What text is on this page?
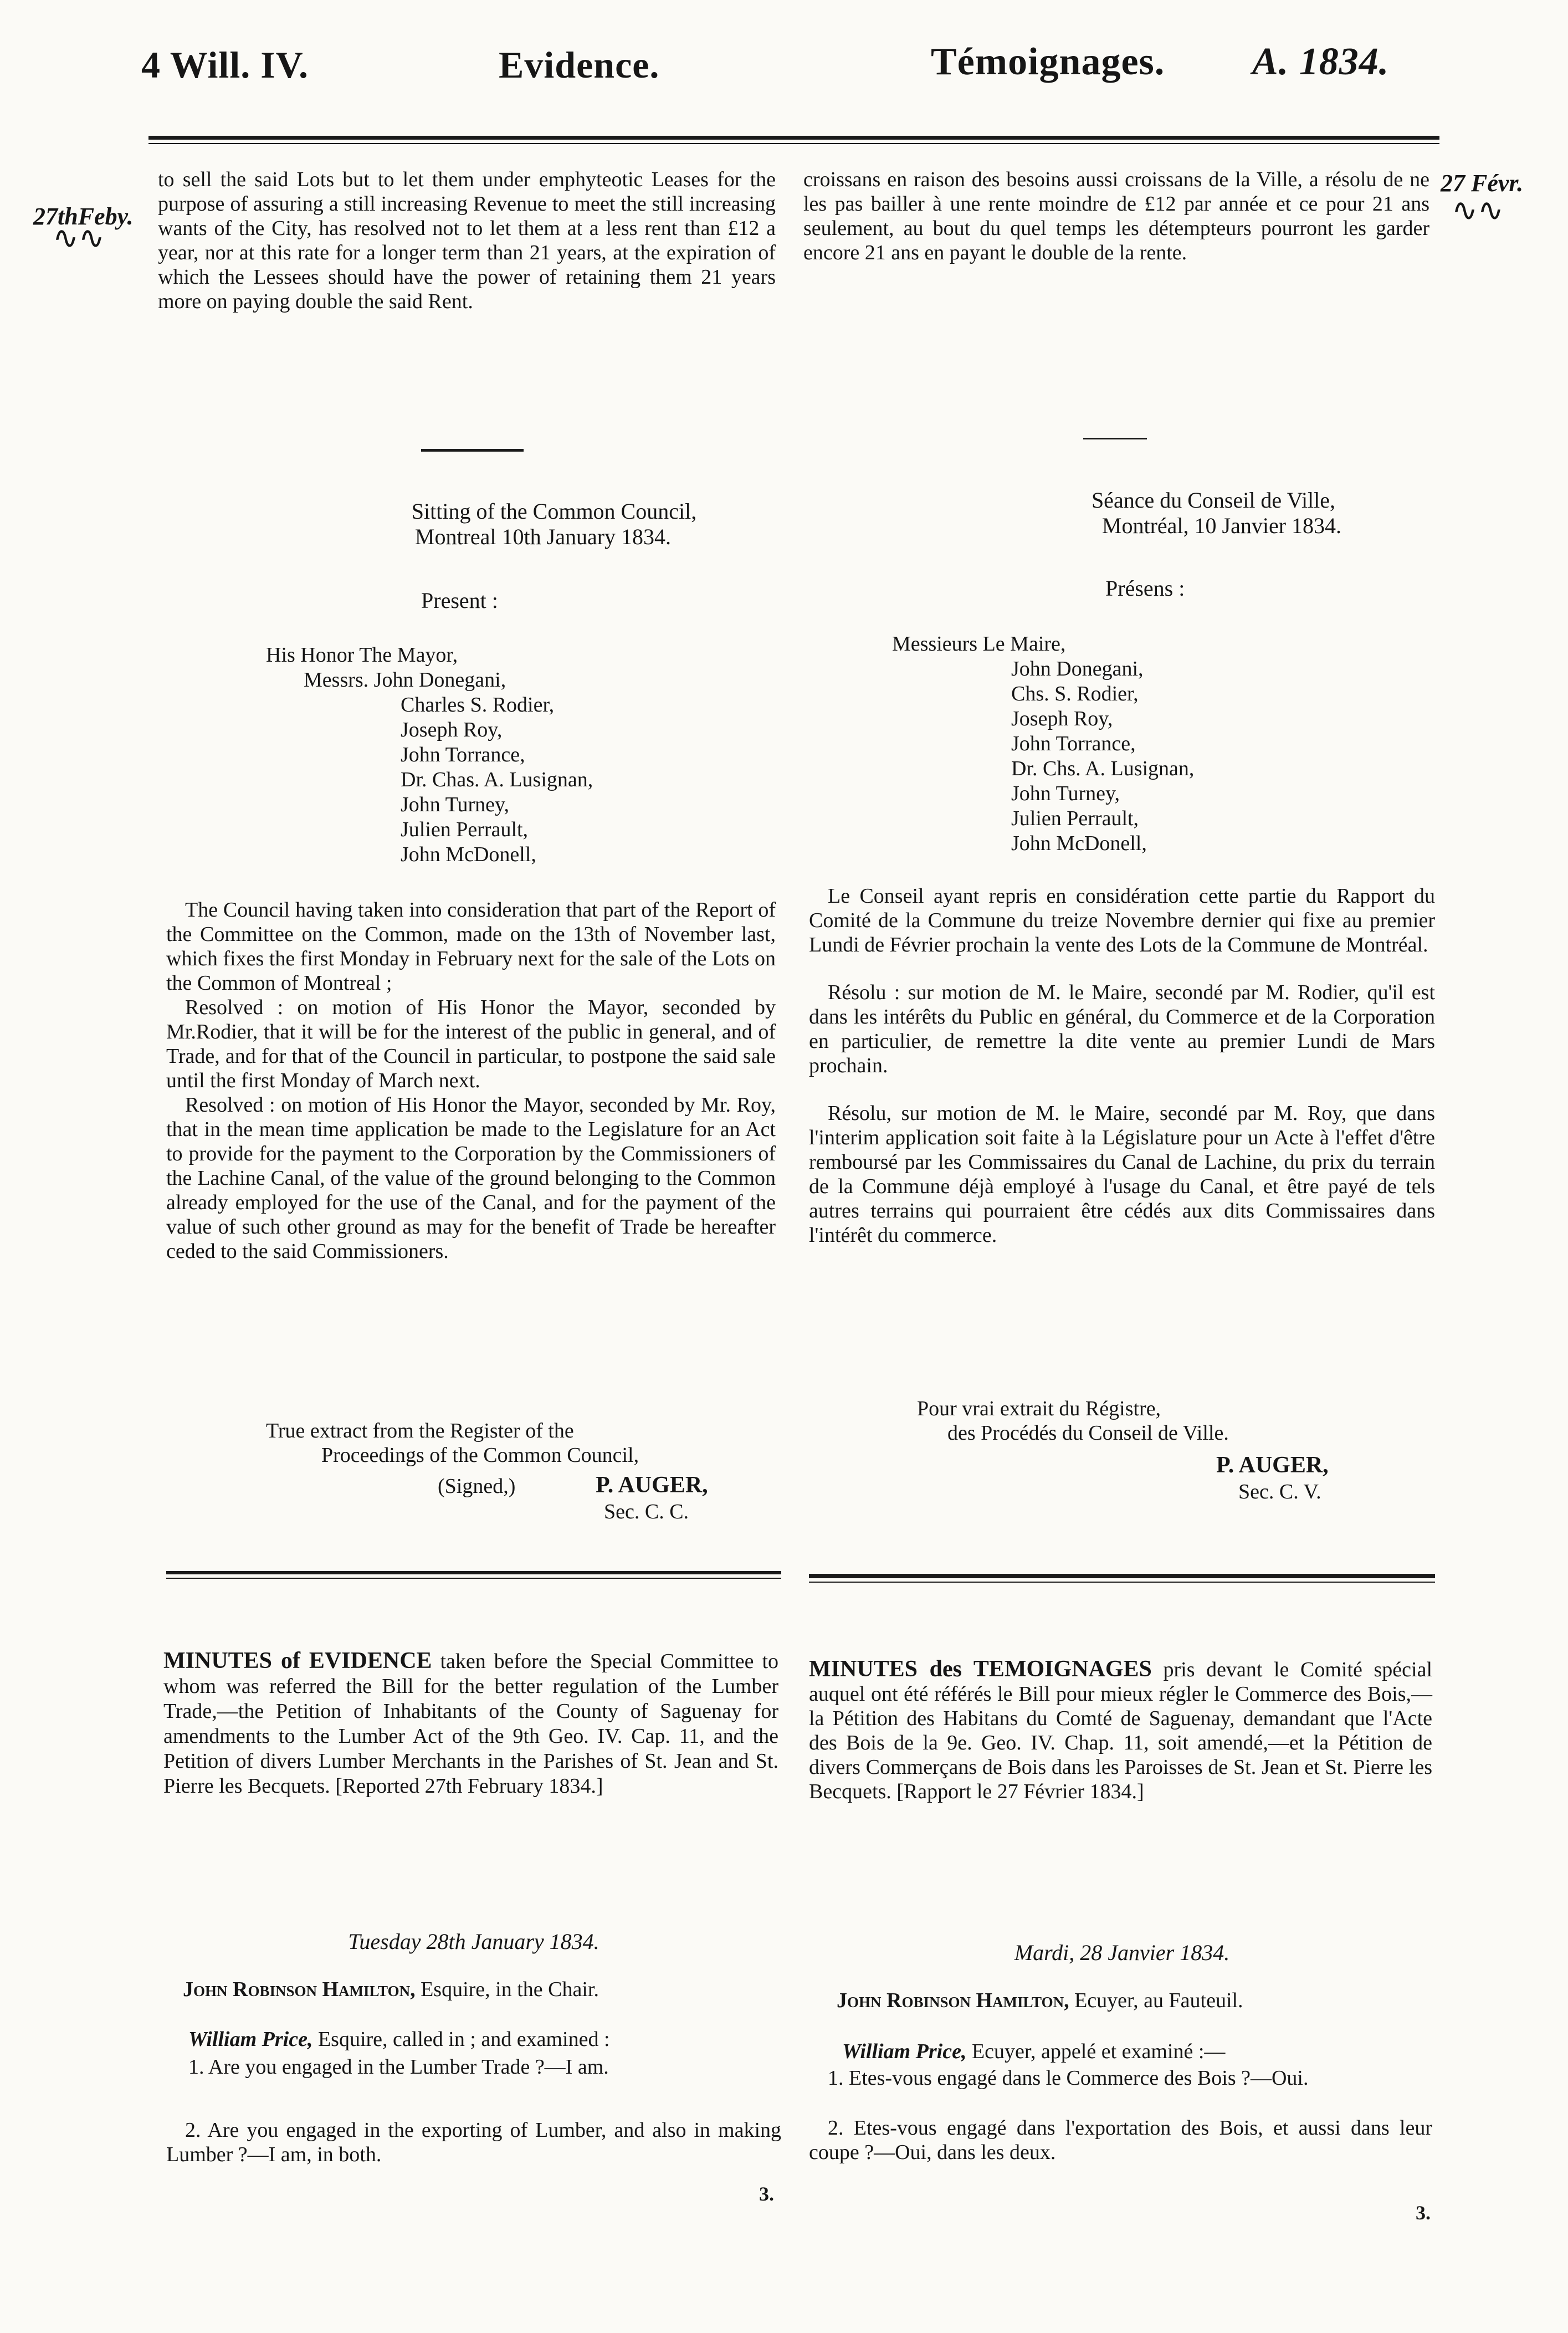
4 Will. IV.	Evidence.	Témoignages. A. 1834.
27thFeby.
∿∿
27 Févr.
∿∿

to sell the said Lots but to let them under emphyteotic Leases for the purpose of assuring a still increasing Revenue to meet the still increasing wants of the City, has resolved not to let them at a less rent than £12 a year, nor at this rate for a longer term than 21 years, at the expiration of which the Lessees should have the power of retaining them 21 years more on paying double the said Rent.

croissans en raison des besoins aussi croissans de la Ville, a résolu de ne les pas bailler à une rente moindre de £12 par année et ce pour 21 ans seulement, au bout du quel temps les détempteurs pourront les garder encore 21 ans en payant le double de la rente.

Sitting of the Common Council,
Montreal 10th January 1834.
Present :
His Honor The Mayor,
Messrs. John Donegani,
Charles S. Rodier,
Joseph Roy,
John Torrance,
Dr. Chas. A. Lusignan,
John Turney,
Julien Perrault,
John McDonell,

The Council having taken into consideration that part of the Report of the Committee on the Common, made on the 13th of November last, which fixes the first Monday in February next for the sale of the Lots on the Common of Montreal ;

Resolved : on motion of His Honor the Mayor, seconded by Mr.Rodier, that it will be for the interest of the public in general, and of Trade, and for that of the Council in particular, to postpone the said sale until the first Monday of March next.

Resolved : on motion of His Honor the Mayor, seconded by Mr. Roy, that in the mean time application be made to the Legislature for an Act to provide for the payment to the Corporation by the Commissioners of the Lachine Canal, of the value of the ground belonging to the Common already employed for the use of the Canal, and for the payment of the value of such other ground as may for the benefit of Trade be hereafter ceded to the said Commissioners.

True extract from the Register of the
Proceedings of the Common Council,
(Signed,)	P. AUGER,
Sec. C. C.
Séance du Conseil de Ville,
Montréal, 10 Janvier 1834.
Présens :
Messieurs Le Maire,
John Donegani,
Chs. S. Rodier,
Joseph Roy,
John Torrance,
Dr. Chs. A. Lusignan,
John Turney,
Julien Perrault,
John McDonell,

Le Conseil ayant repris en considération cette partie du Rapport du Comité de la Commune du treize Novembre dernier qui fixe au premier Lundi de Février prochain la vente des Lots de la Commune de Montréal.

Résolu : sur motion de M. le Maire, secondé par M. Rodier, qu'il est dans les intérêts du Public en général, du Commerce et de la Corporation en particulier, de remettre la dite vente au premier Lundi de Mars prochain.

Résolu, sur motion de M. le Maire, secondé par M. Roy, que dans l'interim application soit faite à la Législature pour un Acte à l'effet d'être remboursé par les Commissaires du Canal de Lachine, du prix du terrain de la Commune déjà employé à l'usage du Canal, et être payé de tels autres terrains qui pourraient être cédés aux dits Commissaires dans l'intérêt du commerce.

Pour vrai extrait du Régistre,
des Procédés du Conseil de Ville.
P. AUGER,
Sec. C. V.

MINUTES of EVIDENCE taken before the Special Committee to whom was referred the Bill for the better regulation of the Lumber Trade,—the Petition of Inhabitants of the County of Saguenay for amendments to the Lumber Act of the 9th Geo. IV. Cap. 11, and the Petition of divers Lumber Merchants in the Parishes of St. Jean and St. Pierre les Becquets. [Reported 27th February 1834.]

Tuesday 28th January 1834.
John Robinson Hamilton, Esquire, in the Chair.
William Price, Esquire, called in ; and examined :
1. Are you engaged in the Lumber Trade ?—I am.

2. Are you engaged in the exporting of Lumber, and also in making Lumber ?—I am, in both.

3.

MINUTES des TEMOIGNAGES pris devant le Comité spécial auquel ont été référés le Bill pour mieux régler le Commerce des Bois,—la Pétition des Habitans du Comté de Saguenay, demandant que l'Acte des Bois de la 9e. Geo. IV. Chap. 11, soit amendé,—et la Pétition de divers Commerçans de Bois dans les Paroisses de St. Jean et St. Pierre les Becquets. [Rapport le 27 Février 1834.]

Mardi, 28 Janvier 1834.
John Robinson Hamilton, Ecuyer, au Fauteuil.
William Price, Ecuyer, appelé et examiné :—

1. Etes-vous engagé dans le Commerce des Bois ?—Oui.

2. Etes-vous engagé dans l'exportation des Bois, et aussi dans leur coupe ?—Oui, dans les deux.

3.
